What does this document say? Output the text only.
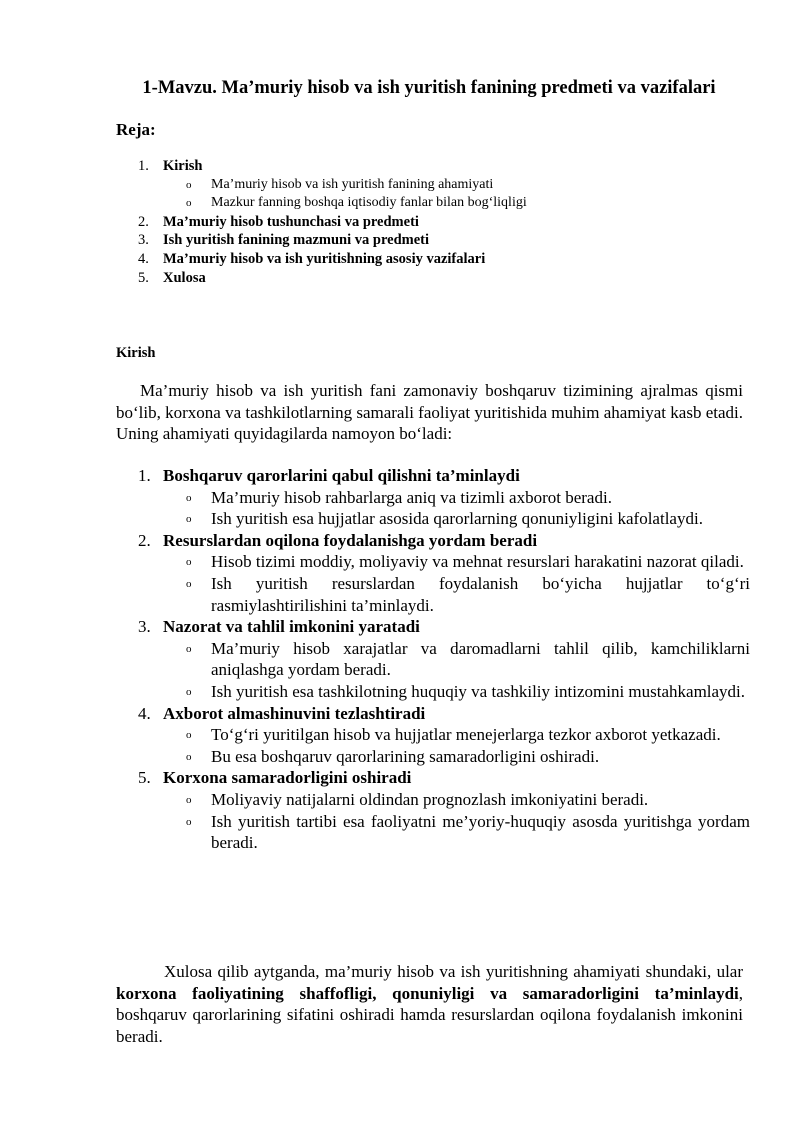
1-Mavzu. Ma’muriy hisob va ish yuritish fanining predmeti va vazifalari

Reja:

1. Kirish
o Ma’muriy hisob va ish yuritish fanining ahamiyati
o Mazkur fanning boshqa iqtisodiy fanlar bilan bog‘liqligi
2. Ma’muriy hisob tushunchasi va predmeti
3. Ish yuritish fanining mazmuni va predmeti
4. Ma’muriy hisob va ish yuritishning asosiy vazifalari
5. Xulosa

Kirish

Ma’muriy hisob va ish yuritish fani zamonaviy boshqaruv tizimining ajralmas qismi bo‘lib, korxona va tashkilotlarning samarali faoliyat yuritishida muhim ahamiyat kasb etadi. Uning ahamiyati quyidagilarda namoyon bo‘ladi:

1. Boshqaruv qarorlarini qabul qilishni ta’minlaydi
o	Ma’muriy hisob rahbarlarga aniq va tizimli axborot beradi.
o	Ish yuritish esa hujjatlar asosida qarorlarning qonuniyligini kafolatlaydi.
2. Resurslardan oqilona foydalanishga yordam beradi
o	Hisob tizimi moddiy, moliyaviy va mehnat resurslari harakatini nazorat qiladi.
o	Ish yuritish resurslardan foydalanish bo‘yicha hujjatlar to‘g‘ri rasmiylashtirilishini ta’minlaydi.
3. Nazorat va tahlil imkonini yaratadi
o	Ma’muriy hisob xarajatlar va daromadlarni tahlil qilib, kamchiliklarni aniqlashga yordam beradi.
o	Ish yuritish esa tashkilotning huquqiy va tashkiliy intizomini mustahkamlaydi.
4. Axborot almashinuvini tezlashtiradi
o	To‘g‘ri yuritilgan hisob va hujjatlar menejerlarga tezkor axborot yetkazadi.
o	Bu esa boshqaruv qarorlarining samaradorligini oshiradi.
5. Korxona samaradorligini oshiradi
o	Moliyaviy natijalarni oldindan prognozlash imkoniyatini beradi.
o	Ish yuritish tartibi esa faoliyatni me’yoriy-huquqiy asosda yuritishga yordam beradi.

Xulosa qilib aytganda, ma’muriy hisob va ish yuritishning ahamiyati shundaki, ular korxona faoliyatining shaffofligi, qonuniyligi va samaradorligini ta’minlaydi, boshqaruv qarorlarining sifatini oshiradi hamda resurslardan oqilona foydalanish imkonini beradi.
